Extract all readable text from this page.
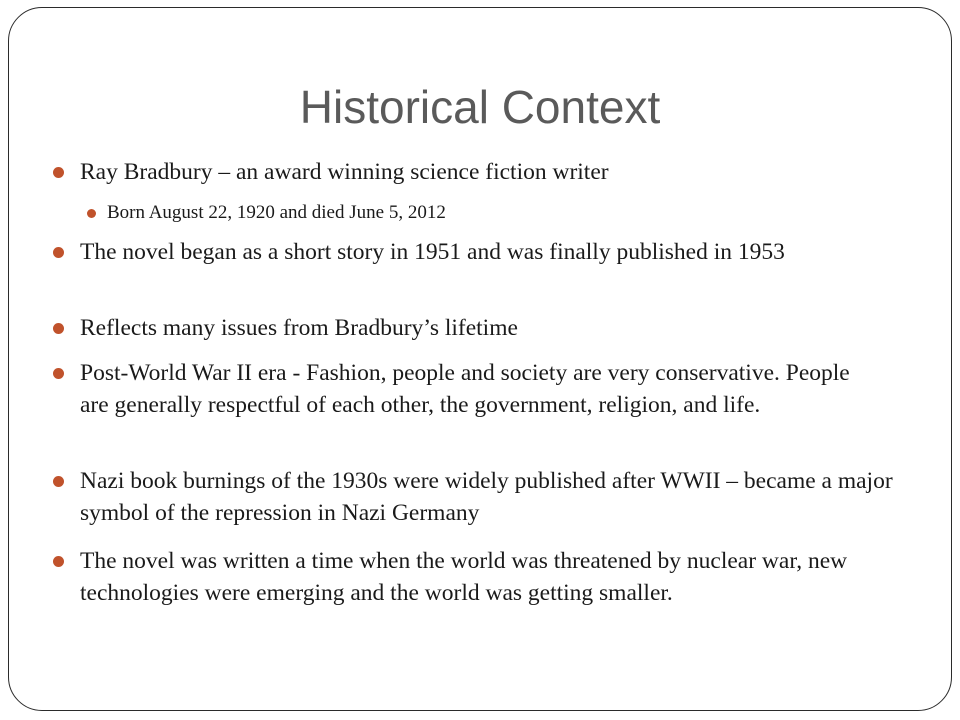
Historical Context

Ray Bradbury – an award winning science fiction writer

Born August 22, 1920 and died June 5, 2012

The novel began as a short story in 1951 and was finally published in 1953

Reflects many issues from Bradbury’s lifetime

Post-World War II era - Fashion, people and society are very conservative. People are generally respectful of each other, the government, religion, and life.

Nazi book burnings of the 1930s were widely published after WWII – became a major symbol of the repression in Nazi Germany

The novel was written a time when the world was threatened by nuclear war, new technologies were emerging and the world was getting smaller.
